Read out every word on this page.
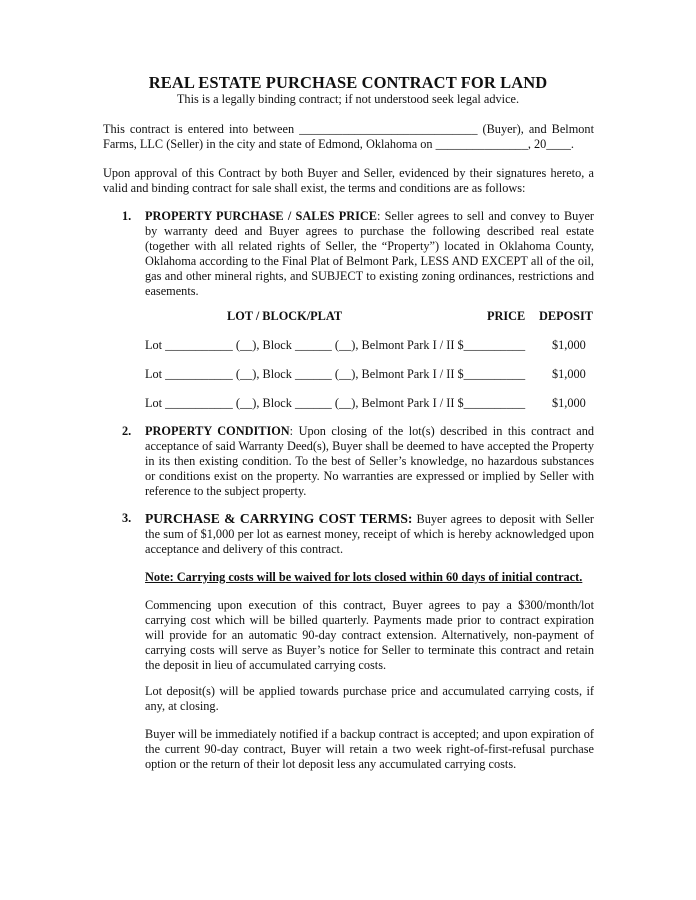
REAL ESTATE PURCHASE CONTRACT FOR LAND
This is a legally binding contract; if not understood seek legal advice.

This contract is entered into between _____________________________ (Buyer), and Belmont Farms, LLC (Seller) in the city and state of Edmond, Oklahoma on _______________, 20____.

Upon approval of this Contract by both Buyer and Seller, evidenced by their signatures hereto, a valid and binding contract for sale shall exist, the terms and conditions are as follows:

1. PROPERTY PURCHASE / SALES PRICE: Seller agrees to sell and convey to Buyer by warranty deed and Buyer agrees to purchase the following described real estate (together with all related rights of Seller, the “Property”) located in Oklahoma County, Oklahoma according to the Final Plat of Belmont Park, LESS AND EXCEPT all of the oil, gas and other mineral rights, and SUBJECT to existing zoning ordinances, restrictions and easements.

LOT / BLOCK/PLAT	PRICE DEPOSIT
Lot ___________ (__), Block ______ (__), Belmont Park I / II $__________ $1,000
Lot ___________ (__), Block ______ (__), Belmont Park I / II $__________ $1,000
Lot ___________ (__), Block ______ (__), Belmont Park I / II $__________ $1,000
2. PROPERTY CONDITION: Upon closing of the lot(s) described in this contract and acceptance of said Warranty Deed(s), Buyer shall be deemed to have accepted the Property in its then existing condition. To the best of Seller’s knowledge, no hazardous substances or conditions exist on the property. No warranties are expressed or implied by Seller with reference to the subject property.

3. PURCHASE & CARRYING COST TERMS: Buyer agrees to deposit with Seller the sum of $1,000 per lot as earnest money, receipt of which is hereby acknowledged upon acceptance and delivery of this contract.

Note: Carrying costs will be waived for lots closed within 60 days of initial contract.

Commencing upon execution of this contract, Buyer agrees to pay a $300/month/lot carrying cost which will be billed quarterly. Payments made prior to contract expiration will provide for an automatic 90-day contract extension. Alternatively, non-payment of carrying costs will serve as Buyer’s notice for Seller to terminate this contract and retain the deposit in lieu of accumulated carrying costs.

Lot deposit(s) will be applied towards purchase price and accumulated carrying costs, if any, at closing.

Buyer will be immediately notified if a backup contract is accepted; and upon expiration of the current 90-day contract, Buyer will retain a two week right-of-first-refusal purchase option or the return of their lot deposit less any accumulated carrying costs.
